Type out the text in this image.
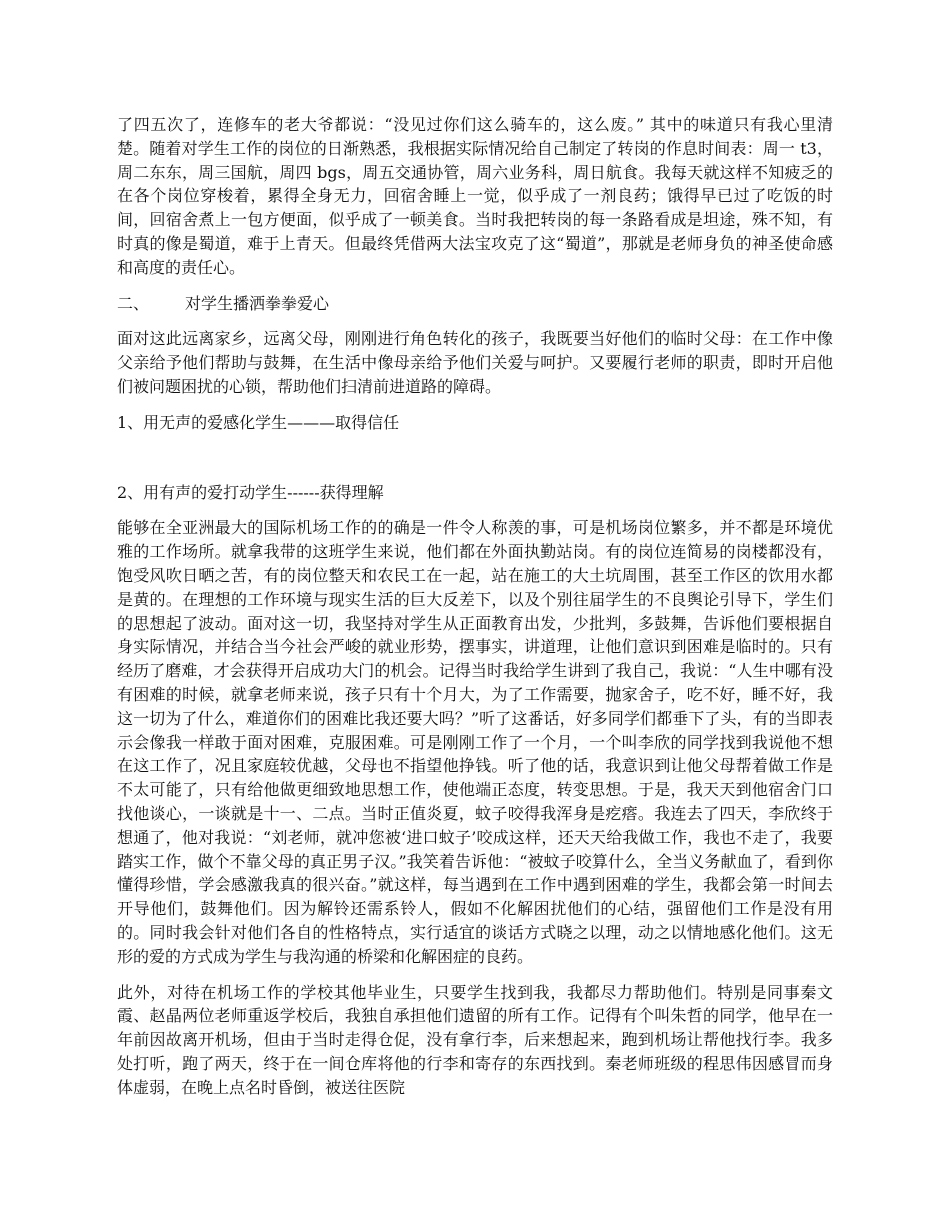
了四五次了，连修车的老大爷都说：“没见过你们这么骑车的，这么废。” 其中的味道只有我心里清楚。随着对学生工作的岗位的日渐熟悉，我根据实际情况给自己制定了转岗的作息时间表：周一 t3，周二东东，周三国航，周四 bgs，周五交通协管，周六业务科，周日航食。我每天就这样不知疲乏的在各个岗位穿梭着，累得全身无力，回宿舍睡上一觉，似乎成了一剂良药；饿得早已过了吃饭的时间，回宿舍煮上一包方便面，似乎成了一顿美食。当时我把转岗的每一条路看成是坦途，殊不知，有时真的像是蜀道，难于上青天。但最终凭借两大法宝攻克了这“蜀道”，那就是老师身负的神圣使命感和高度的责任心。

二、 对学生播洒拳拳爱心

面对这此远离家乡，远离父母，刚刚进行角色转化的孩子，我既要当好他们的临时父母：在工作中像父亲给予他们帮助与鼓舞，在生活中像母亲给予他们关爱与呵护。又要履行老师的职责，即时开启他们被问题困扰的心锁，帮助他们扫清前进道路的障碍。

1、用无声的爱感化学生———取得信任

2、用有声的爱打动学生------获得理解

能够在全亚洲最大的国际机场工作的的确是一件令人称羡的事，可是机场岗位繁多，并不都是环境优雅的工作场所。就拿我带的这班学生来说，他们都在外面执勤站岗。有的岗位连简易的岗楼都没有，饱受风吹日晒之苦，有的岗位整天和农民工在一起，站在施工的大土坑周围，甚至工作区的饮用水都是黄的。在理想的工作环境与现实生活的巨大反差下，以及个别往届学生的不良舆论引导下，学生们的思想起了波动。面对这一切，我坚持对学生从正面教育出发，少批判，多鼓舞，告诉他们要根据自身实际情况，并结合当今社会严峻的就业形势，摆事实，讲道理，让他们意识到困难是临时的。只有经历了磨难，才会获得开启成功大门的机会。记得当时我给学生讲到了我自己，我说：“人生中哪有没有困难的时候，就拿老师来说，孩子只有十个月大，为了工作需要，抛家舍子，吃不好，睡不好，我这一切为了什么，难道你们的困难比我还要大吗？”听了这番话，好多同学们都垂下了头，有的当即表示会像我一样敢于面对困难，克服困难。可是刚刚工作了一个月，一个叫李欣的同学找到我说他不想在这工作了，况且家庭较优越，父母也不指望他挣钱。听了他的话，我意识到让他父母帮着做工作是不太可能了，只有给他做更细致地思想工作，使他端正态度，转变思想。于是，我天天到他宿舍门口找他谈心，一谈就是十一、二点。当时正值炎夏，蚊子咬得我浑身是疙瘩。我连去了四天，李欣终于想通了，他对我说：“刘老师，就冲您被‘进口蚊子’咬成这样，还天天给我做工作，我也不走了，我要踏实工作，做个不靠父母的真正男子汉。”我笑着告诉他：“被蚊子咬算什么，全当义务献血了，看到你懂得珍惜，学会感激我真的很兴奋。”就这样，每当遇到在工作中遇到困难的学生，我都会第一时间去开导他们，鼓舞他们。因为解铃还需系铃人，假如不化解困扰他们的心结，强留他们工作是没有用的。同时我会针对他们各自的性格特点，实行适宜的谈话方式晓之以理，动之以情地感化他们。这无形的爱的方式成为学生与我沟通的桥梁和化解困症的良药。

此外，对待在机场工作的学校其他毕业生，只要学生找到我，我都尽力帮助他们。特别是同事秦文霞、赵晶两位老师重返学校后，我独自承担他们遗留的所有工作。记得有个叫朱哲的同学，他早在一年前因故离开机场，但由于当时走得仓促，没有拿行李，后来想起来，跑到机场让帮他找行李。我多处打听，跑了两天，终于在一间仓库将他的行李和寄存的东西找到。秦老师班级的程思伟因感冒而身体虚弱，在晚上点名时昏倒，被送往医院
